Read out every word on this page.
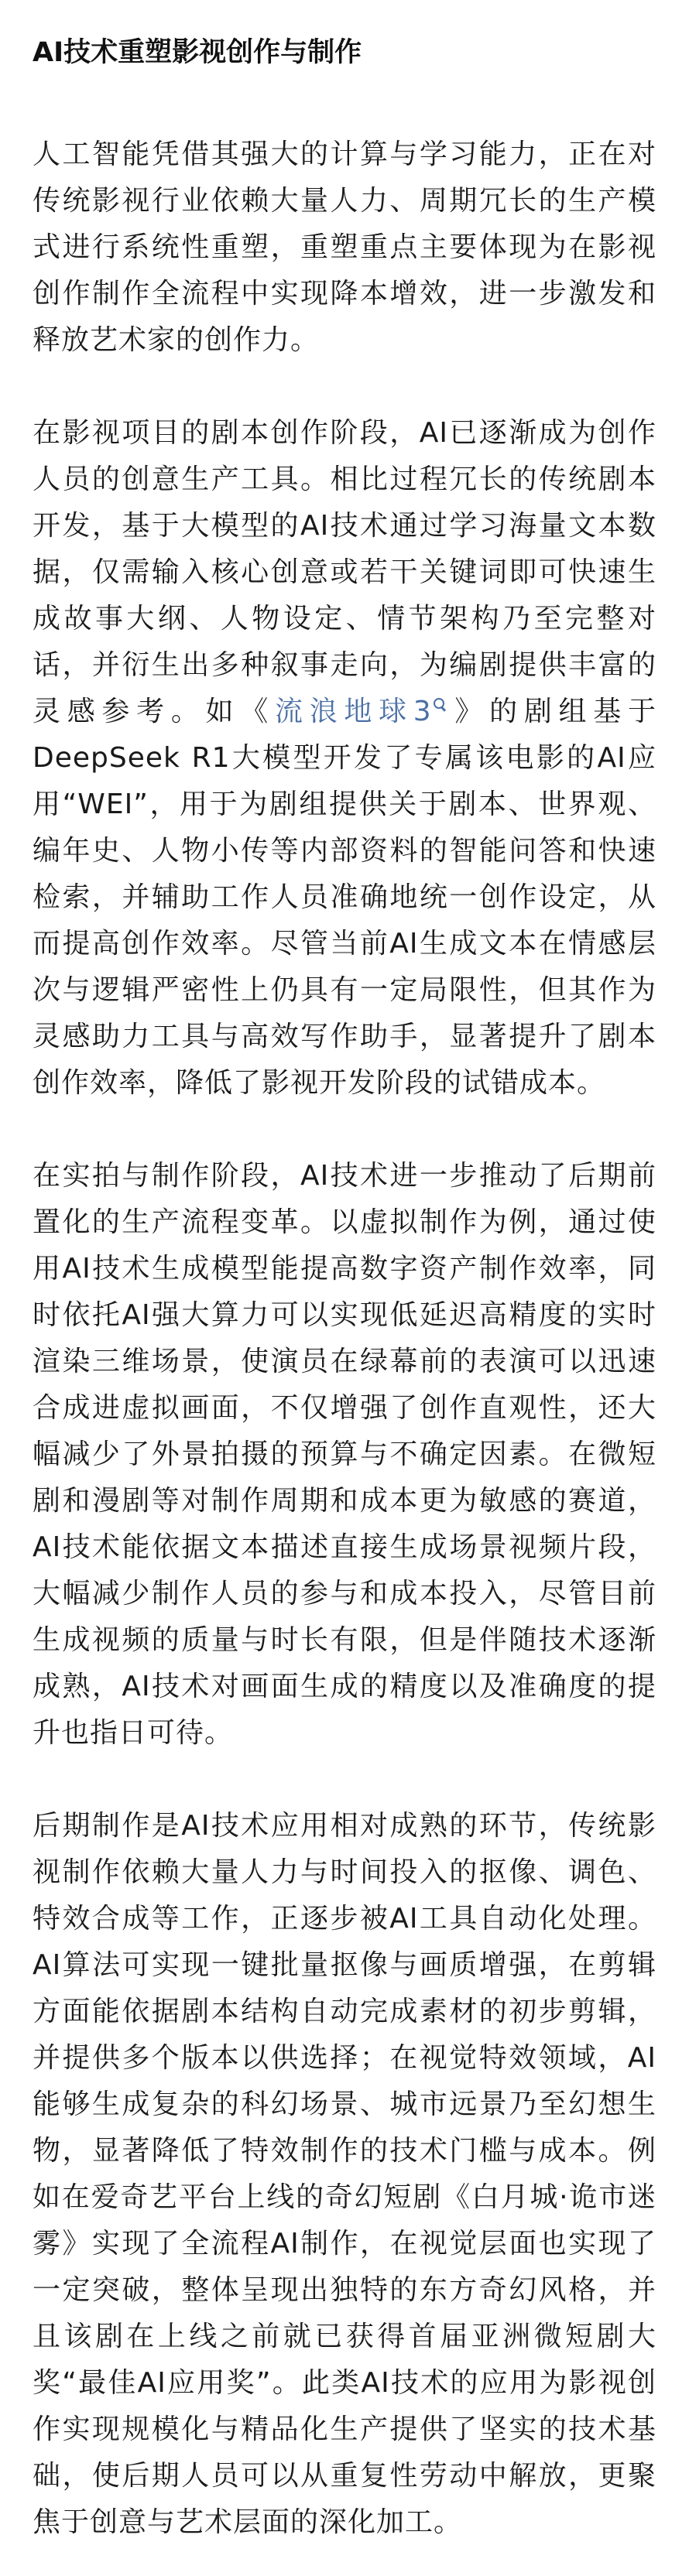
AI技术重塑影视创作与制作

人工智能凭借其强大的计算与学习能力，正在对传统影视行业依赖大量人力、周期冗长的生产模式进行系统性重塑，重塑重点主要体现为在影视创作制作全流程中实现降本增效，进一步激发和释放艺术家的创作力。

在影视项目的剧本创作阶段，AI已逐渐成为创作人员的创意生产工具。相比过程冗长的传统剧本开发，基于大模型的AI技术通过学习海量文本数据，仅需输入核心创意或若干关键词即可快速生成故事大纲、人物设定、情节架构乃至完整对话，并衍生出多种叙事走向，为编剧提供丰富的灵感参考。如《流浪地球3 》的剧组基于DeepSeek R1大模型开发了专属该电影的AI应用“WEI”，用于为剧组提供关于剧本、世界观、编年史、人物小传等内部资料的智能问答和快速检索，并辅助工作人员准确地统一创作设定，从而提高创作效率。尽管当前AI生成文本在情感层次与逻辑严密性上仍具有一定局限性，但其作为灵感助力工具与高效写作助手，显著提升了剧本创作效率，降低了影视开发阶段的试错成本。

在实拍与制作阶段，AI技术进一步推动了后期前置化的生产流程变革。以虚拟制作为例，通过使用AI技术生成模型能提高数字资产制作效率，同时依托AI强大算力可以实现低延迟高精度的实时渲染三维场景，使演员在绿幕前的表演可以迅速合成进虚拟画面，不仅增强了创作直观性，还大幅减少了外景拍摄的预算与不确定因素。在微短剧和漫剧等对制作周期和成本更为敏感的赛道，AI技术能依据文本描述直接生成场景视频片段，大幅减少制作人员的参与和成本投入，尽管目前生成视频的质量与时长有限，但是伴随技术逐渐成熟，AI技术对画面生成的精度以及准确度的提升也指日可待。

后期制作是AI技术应用相对成熟的环节，传统影视制作依赖大量人力与时间投入的抠像、调色、特效合成等工作，正逐步被AI工具自动化处理。AI算法可实现一键批量抠像与画质增强，在剪辑方面能依据剧本结构自动完成素材的初步剪辑，并提供多个版本以供选择；在视觉特效领域，AI能够生成复杂的科幻场景、城市远景乃至幻想生物，显著降低了特效制作的技术门槛与成本。例如在爱奇艺平台上线的奇幻短剧《白月城·诡市迷雾》实现了全流程AI制作，在视觉层面也实现了一定突破，整体呈现出独特的东方奇幻风格，并且该剧在上线之前就已获得首届亚洲微短剧大奖“最佳AI应用奖”。此类AI技术的应用为影视创作实现规模化与精品化生产提供了坚实的技术基础，使后期人员可以从重复性劳动中解放，更聚焦于创意与艺术层面的深化加工。
